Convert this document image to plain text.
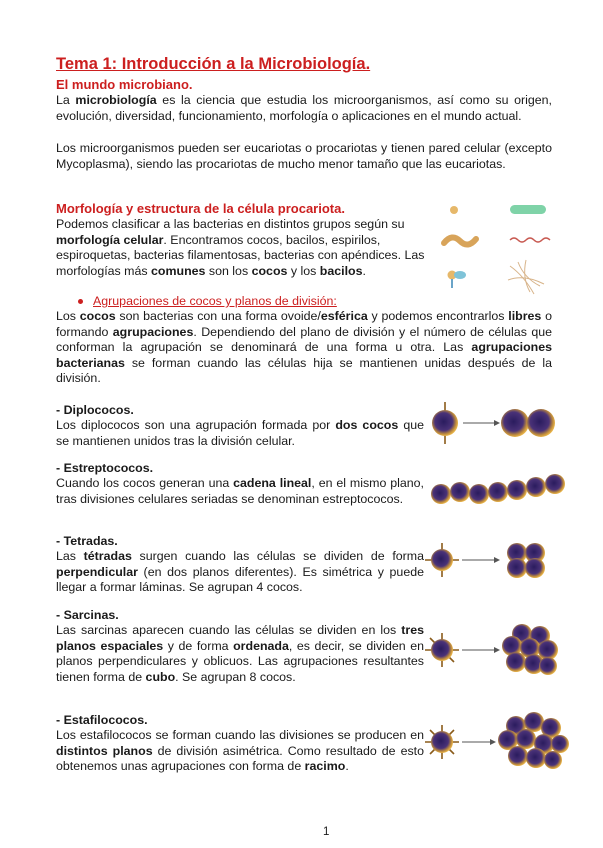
Tema 1: Introducción a la Microbiología.
El mundo microbiano.

La microbiología es la ciencia que estudia los microorganismos, así como su origen, evolución, diversidad, funcionamiento, morfología o aplicaciones en el mundo actual.

Los microorganismos pueden ser eucariotas o procariotas y tienen pared celular (excepto Mycoplasma), siendo las procariotas de mucho menor tamaño que las eucariotas.

Morfología y estructura de la célula procariota.

Podemos clasificar a las bacterias en distintos grupos según su morfología celular. Encontramos cocos, bacilos, espirilos, espiroquetas, bacterias filamentosas, bacterias con apéndices. Las morfologías más comunes son los cocos y los bacilos.

Agrupaciones de cocos y planos de división:

Los cocos son bacterias con una forma ovoide/esférica y podemos encontrarlos libres o formando agrupaciones. Dependiendo del plano de división y el número de células que conforman la agrupación se denominará de una forma u otra. Las agrupaciones bacterianas se forman cuando las células hija se mantienen unidas después de la división.

- Diplococos.

Los diplococos son una agrupación formada por dos cocos que se mantienen unidos tras la división celular.

- Estreptococos.

Cuando los cocos generan una cadena lineal, en el mismo plano, tras divisiones celulares seriadas se denominan estreptococos.

- Tetradas.

Las tétradas surgen cuando las células se dividen de forma perpendicular (en dos planos diferentes). Es simétrica y puede llegar a formar láminas. Se agrupan 4 cocos.

- Sarcinas.

Las sarcinas aparecen cuando las células se dividen en los tres planos espaciales y de forma ordenada, es decir, se dividen en planos perpendiculares y oblicuos. Las agrupaciones resultantes tienen forma de cubo. Se agrupan 8 cocos.

- Estafilococos.

Los estafilococos se forman cuando las divisiones se producen en distintos planos de división asimétrica. Como resultado de esto obtenemos unas agrupaciones con forma de racimo.

1
